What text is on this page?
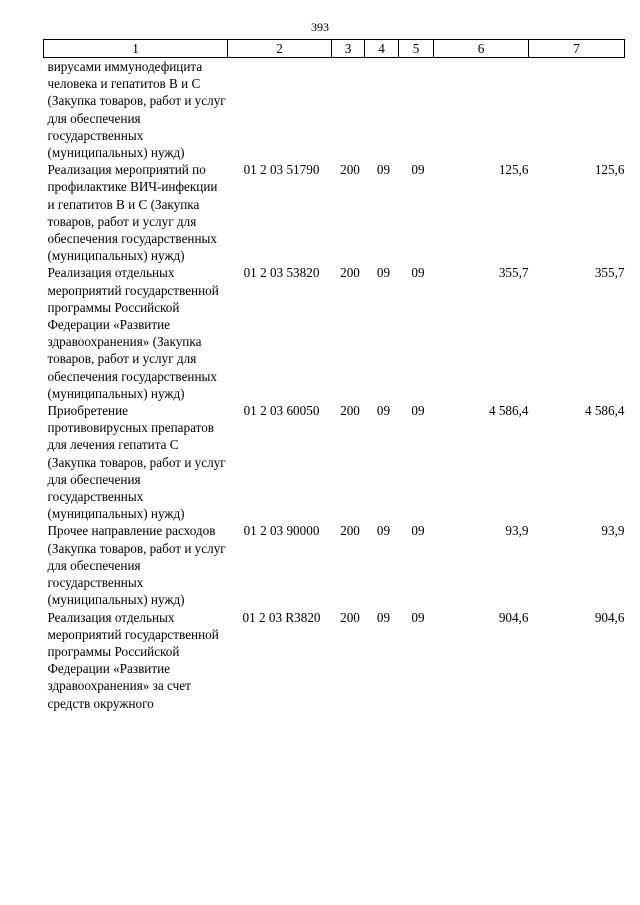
393
1	2	3	4	5	6	7
вирусами иммунодефицита человека и гепатитов B и C (Закупка товаров, работ и услуг для обеспечения государственных (муниципальных) нужд)						
Реализация мероприятий по профилактике ВИЧ-инфекции и гепатитов B и C (Закупка товаров, работ и услуг для обеспечения государственных (муниципальных) нужд)	01 2 03 51790	200	09	09	125,6	125,6
Реализация отдельных мероприятий государственной программы Российской Федерации «Развитие здравоохранения» (Закупка товаров, работ и услуг для обеспечения государственных (муниципальных) нужд)	01 2 03 53820	200	09	09	355,7	355,7
Приобретение противовирусных препаратов для лечения гепатита С (Закупка товаров, работ и услуг для обеспечения государственных (муниципальных) нужд)	01 2 03 60050	200	09	09	4 586,4	4 586,4
Прочее направление расходов (Закупка товаров, работ и услуг для обеспечения государственных (муниципальных) нужд)	01 2 03 90000	200	09	09	93,9	93,9
Реализация отдельных мероприятий государственной программы Российской Федерации «Развитие здравоохранения» за счет средств окружного	01 2 03 R3820	200	09	09	904,6	904,6
